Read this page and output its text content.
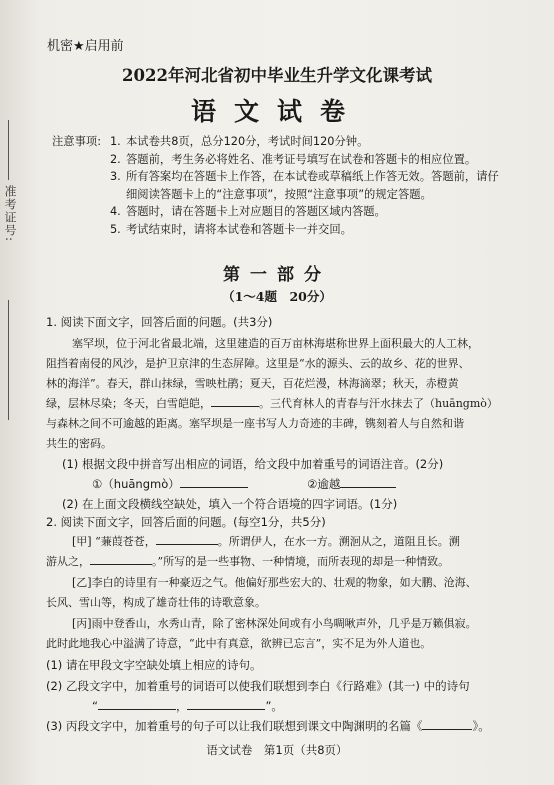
准考证号:
机密★启用前
2022年河北省初中毕业生升学文化课考试
语文试卷
注意事项: 1. 本试卷共8页，总分120分，考试时间120分钟。
2. 答题前，考生务必将姓名、准考证号填写在试卷和答题卡的相应位置。
3. 所有答案均在答题卡上作答，在本试卷或草稿纸上作答无效。答题前，请仔
细阅读答题卡上的“注意事项”，按照“注意事项”的规定答题。
4. 答题时，请在答题卡上对应题目的答题区域内答题。
5. 考试结束时，请将本试卷和答题卡一并交回。
第一部分
（1～4题　20分）
1. 阅读下面文字，回答后面的问题。(共3分)
塞罕坝，位于河北省最北端，这里建造的百万亩林海堪称世界上面积最大的人工林，
阻挡着南侵的风沙，是护卫京津的生态屏障。这里是“水的源头、云的故乡、花的世界、
林的海洋”。春天，群山抹绿，雪映杜鹃；夏天，百花烂漫，林海滴翠；秋天，赤橙黄
绿，层林尽染；冬天，白雪皑皑，	。三代育林人的青春与汗水抹去了（huāngmò）
与森林之间不可逾越的距离。塞罕坝是一座书写人力奇迹的丰碑，镌刻着人与自然和谐
共生的密码。
(1) 根据文段中拼音写出相应的词语，给文段中加着重号的词语注音。(2分)
①（huāngmò）	②逾越
(2) 在上面文段横线空缺处，填入一个符合语境的四字词语。(1分)
2. 阅读下面文字，回答后面的问题。(每空1分，共5分)
[甲] “蒹葭苍苍，	。所谓伊人，在水一方。溯洄从之，道阻且长。溯
游从之，	。”所写的是一些事物、一种情境，而所表现的却是一种情致。
[乙]李白的诗里有一种豪迈之气。他偏好那些宏大的、壮观的物象，如大鹏、沧海、
长风、雪山等，构成了雄奇壮伟的诗歌意象。
[丙]雨中登香山，水秀山青，除了密林深处间或有小鸟啁啾声外，几乎是万籁俱寂。
此时此地我心中溢满了诗意，“此中有真意，欲辨已忘言”，实不足为外人道也。
(1) 请在甲段文字空缺处填上相应的诗句。
(2) 乙段文字中，加着重号的词语可以使我们联想到李白《行路难》(其一) 中的诗句
“	，	”。
(3) 丙段文字中，加着重号的句子可以让我们联想到课文中陶渊明的名篇《	》。
语文试卷　第1页（共8页）
